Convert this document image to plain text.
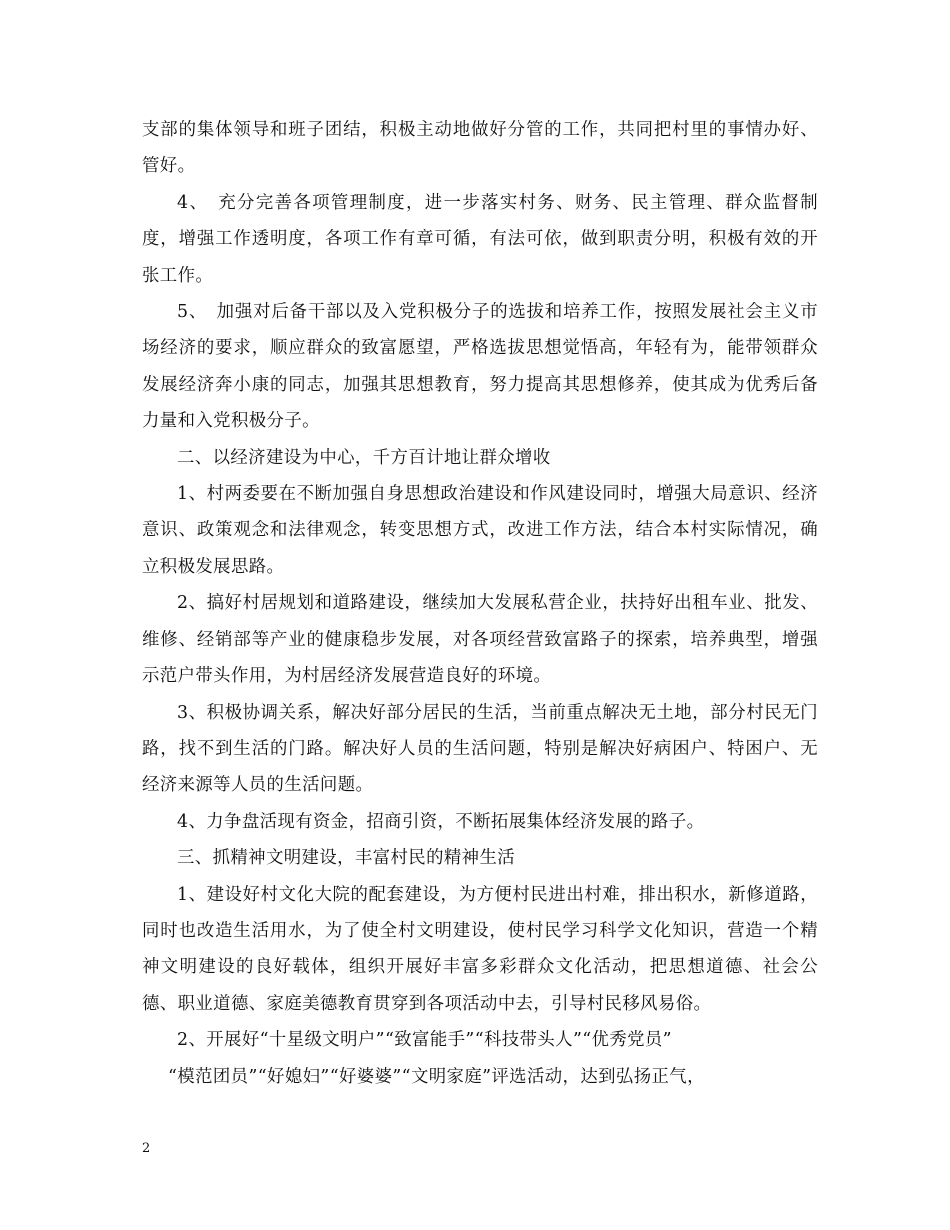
支部的集体领导和班子团结，积极主动地做好分管的工作，共同把村里的事情办好、管好。

4、　充分完善各项管理制度，进一步落实村务、财务、民主管理、群众监督制度，增强工作透明度，各项工作有章可循，有法可依，做到职责分明，积极有效的开张工作。

5、　加强对后备干部以及入党积极分子的选拔和培养工作，按照发展社会主义市场经济的要求，顺应群众的致富愿望，严格选拔思想觉悟高，年轻有为，能带领群众发展经济奔小康的同志，加强其思想教育，努力提高其思想修养，使其成为优秀后备力量和入党积极分子。

二、以经济建设为中心，千方百计地让群众增收

1、村两委要在不断加强自身思想政治建设和作风建设同时，增强大局意识、经济意识、政策观念和法律观念，转变思想方式，改进工作方法，结合本村实际情况，确立积极发展思路。

2、搞好村居规划和道路建设，继续加大发展私营企业，扶持好出租车业、批发、维修、经销部等产业的健康稳步发展，对各项经营致富路子的探索，培养典型，增强示范户带头作用，为村居经济发展营造良好的环境。

3、积极协调关系，解决好部分居民的生活，当前重点解决无土地，部分村民无门路，找不到生活的门路。解决好人员的生活问题，特别是解决好病困户、特困户、无经济来源等人员的生活问题。

4、力争盘活现有资金，招商引资，不断拓展集体经济发展的路子。

三、抓精神文明建设，丰富村民的精神生活

1、建设好村文化大院的配套建设，为方便村民进出村难，排出积水，新修道路，同时也改造生活用水，为了使全村文明建设，使村民学习科学文化知识，营造一个精神文明建设的良好载体，组织开展好丰富多彩群众文化活动，把思想道德、社会公德、职业道德、家庭美德教育贯穿到各项活动中去，引导村民移风易俗。

2、开展好“十星级文明户”“致富能手”“科技带头人”“优秀党员”

“模范团员”“好媳妇”“好婆婆”“文明家庭”评选活动，达到弘扬正气，

2
